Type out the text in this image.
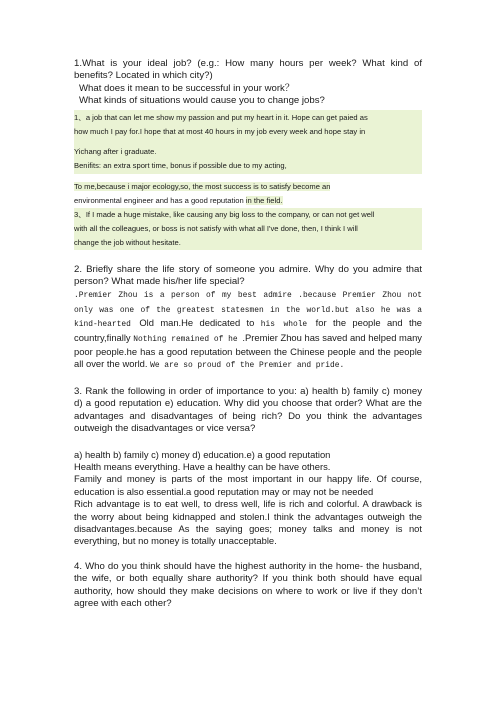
1.What is your ideal job? (e.g.: How many hours per week? What kind of benefits? Located in which city?)

What does it mean to be successful in your work？

What kinds of situations would cause you to change jobs?

1、a job that can let me show my passion and put my heart in it. Hope can get paied as

how much I pay for.I hope that at most 40 hours in my job every week and hope stay in

Yichang after i graduate.

Benifits: an extra sport time, bonus if possible due to my acting,

To me,because i major ecology,so, the most success is to satisfy become an

environmental engineer and has a good reputation in the field.

3、If I made a huge mistake, like causing any big loss to the company, or can not get well

with all the colleagues, or boss is not satisfy with what all I've done, then, I think I will

change the job without hesitate.

2. Briefly share the life story of someone you admire. Why do you admire that person? What made his/her life special?

.Premier Zhou is a person of my best admire .because Premier Zhou not only was one of the greatest statesmen in the world.but also he was a kind-hearted Old man.He dedicated to his whole for the people and the country,finally Nothing remained of he .Premier Zhou has saved and helped many poor people.he has a good reputation between the Chinese people and the people all over the world. We are so proud of the Premier and pride.

3. Rank the following in order of importance to you: a) health b) family c) money d) a good reputation e) education. Why did you choose that order? What are the advantages and disadvantages of being rich? Do you think the advantages outweigh the disadvantages or vice versa?

a) health b) family c) money d) education.e) a good reputation

Health means everything. Have a healthy can be have others.

Family and money is parts of the most important in our happy life. Of course, education is also essential.a good reputation may or may not be needed

Rich advantage is to eat well, to dress well, life is rich and colorful. A drawback is the worry about being kidnapped and stolen.I think the advantages outweigh the disadvantages.because As the saying goes; money talks and money is not everything, but no money is totally unacceptable.

4. Who do you think should have the highest authority in the home- the husband, the wife, or both equally share authority? If you think both should have equal authority, how should they make decisions on where to work or live if they don’t agree with each other?
